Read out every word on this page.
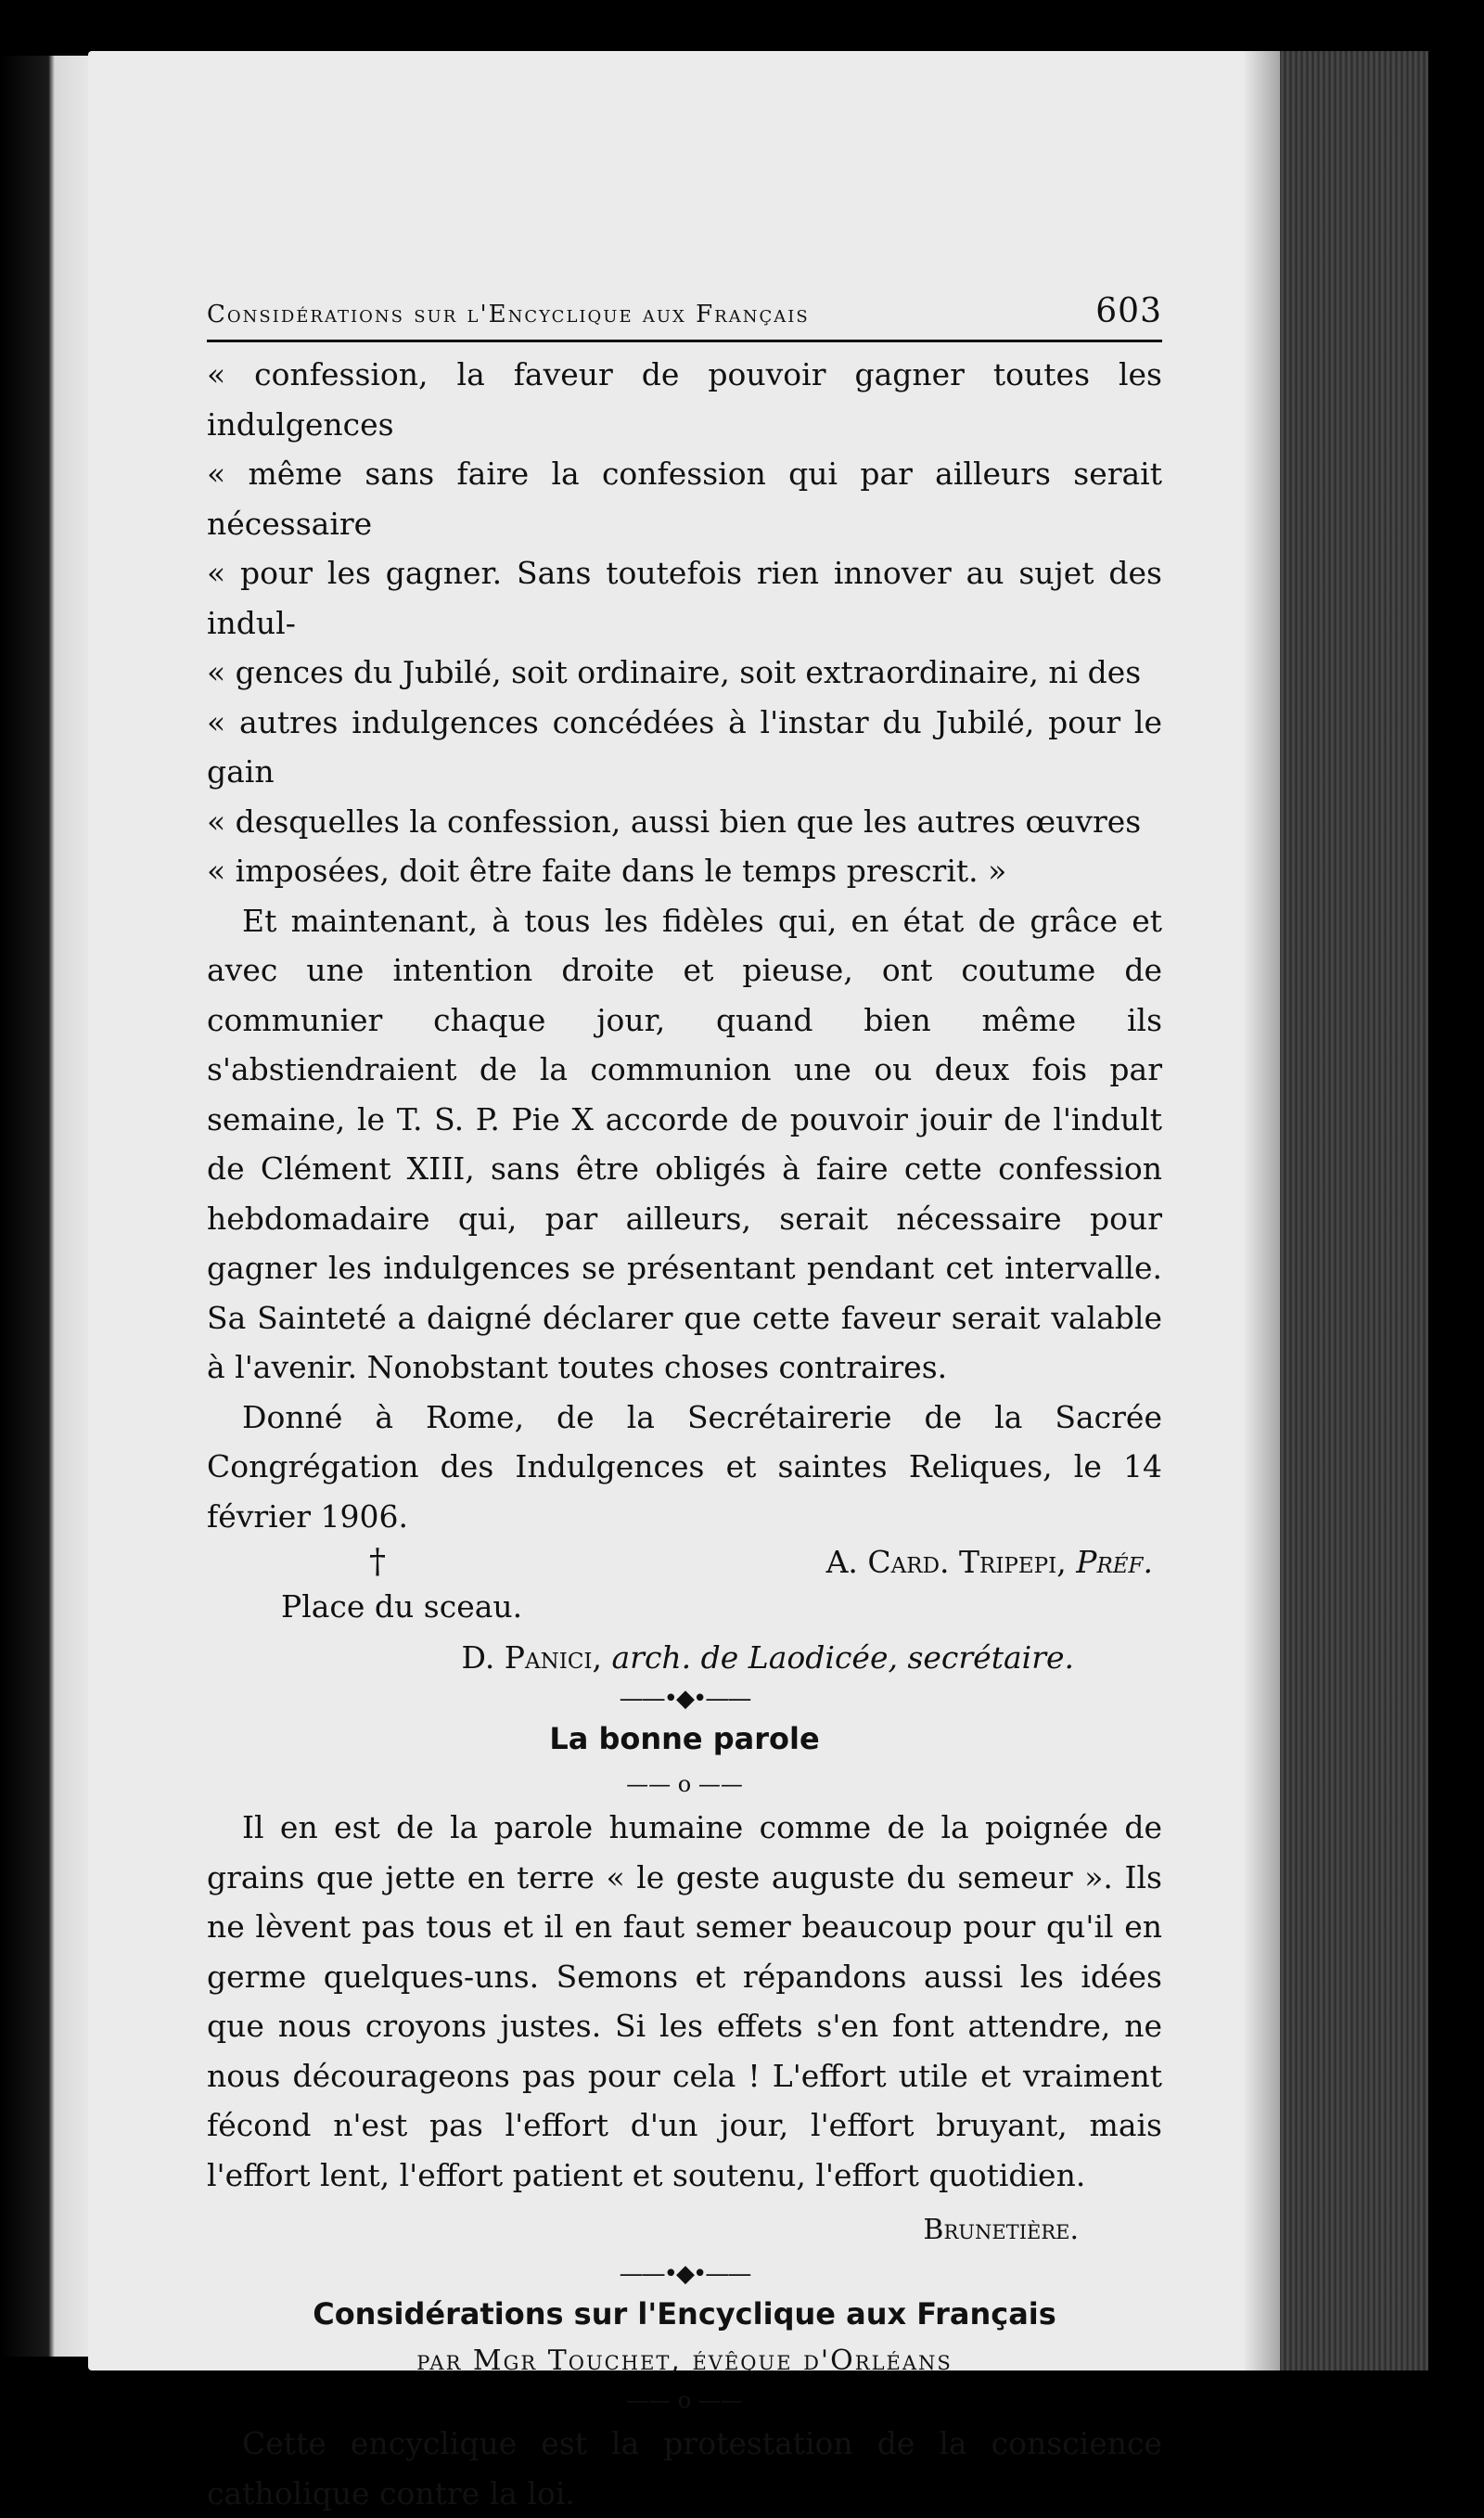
Considérations sur l'Encyclique aux Français	603

« confession, la faveur de pouvoir gagner toutes les indulgences

« même sans faire la confession qui par ailleurs serait nécessaire

« pour les gagner. Sans toutefois rien innover au sujet des indul-

« gences du Jubilé, soit ordinaire, soit extraordinaire, ni des

« autres indulgences concédées à l'instar du Jubilé, pour le gain

« desquelles la confession, aussi bien que les autres œuvres

« imposées, doit être faite dans le temps prescrit. »

Et maintenant, à tous les fidèles qui, en état de grâce et avec une intention droite et pieuse, ont coutume de communier chaque jour, quand bien même ils s'abstiendraient de la communion une ou deux fois par semaine, le T. S. P. Pie X accorde de pouvoir jouir de l'indult de Clément XIII, sans être obligés à faire cette confession hebdomadaire qui, par ailleurs, serait nécessaire pour gagner les indulgences se présentant pendant cet intervalle. Sa Sainteté a daigné déclarer que cette faveur serait valable à l'avenir. Nonobstant toutes choses contraires.

Donné à Rome, de la Secrétairerie de la Sacrée Congrégation des Indulgences et saintes Reliques, le 14 février 1906.

†	A. Card. Tripepi, Préf.
Place du sceau.
D. Panici, arch. de Laodicée, secrétaire.
——•◆•——
La bonne parole
—— o ——

Il en est de la parole humaine comme de la poignée de grains que jette en terre « le geste auguste du semeur ». Ils ne lèvent pas tous et il en faut semer beaucoup pour qu'il en germe quelques-uns. Semons et répandons aussi les idées que nous croyons justes. Si les effets s'en font attendre, ne nous décourageons pas pour cela ! L'effort utile et vraiment fécond n'est pas l'effort d'un jour, l'effort bruyant, mais l'effort lent, l'effort patient et soutenu, l'effort quotidien.

Brunetière.
——•◆•——
Considérations sur l'Encyclique aux Français
par Mgr Touchet, évêque d'Orléans
—— o ——

Cette encyclique est la protestation de la conscience catholique contre la loi.
